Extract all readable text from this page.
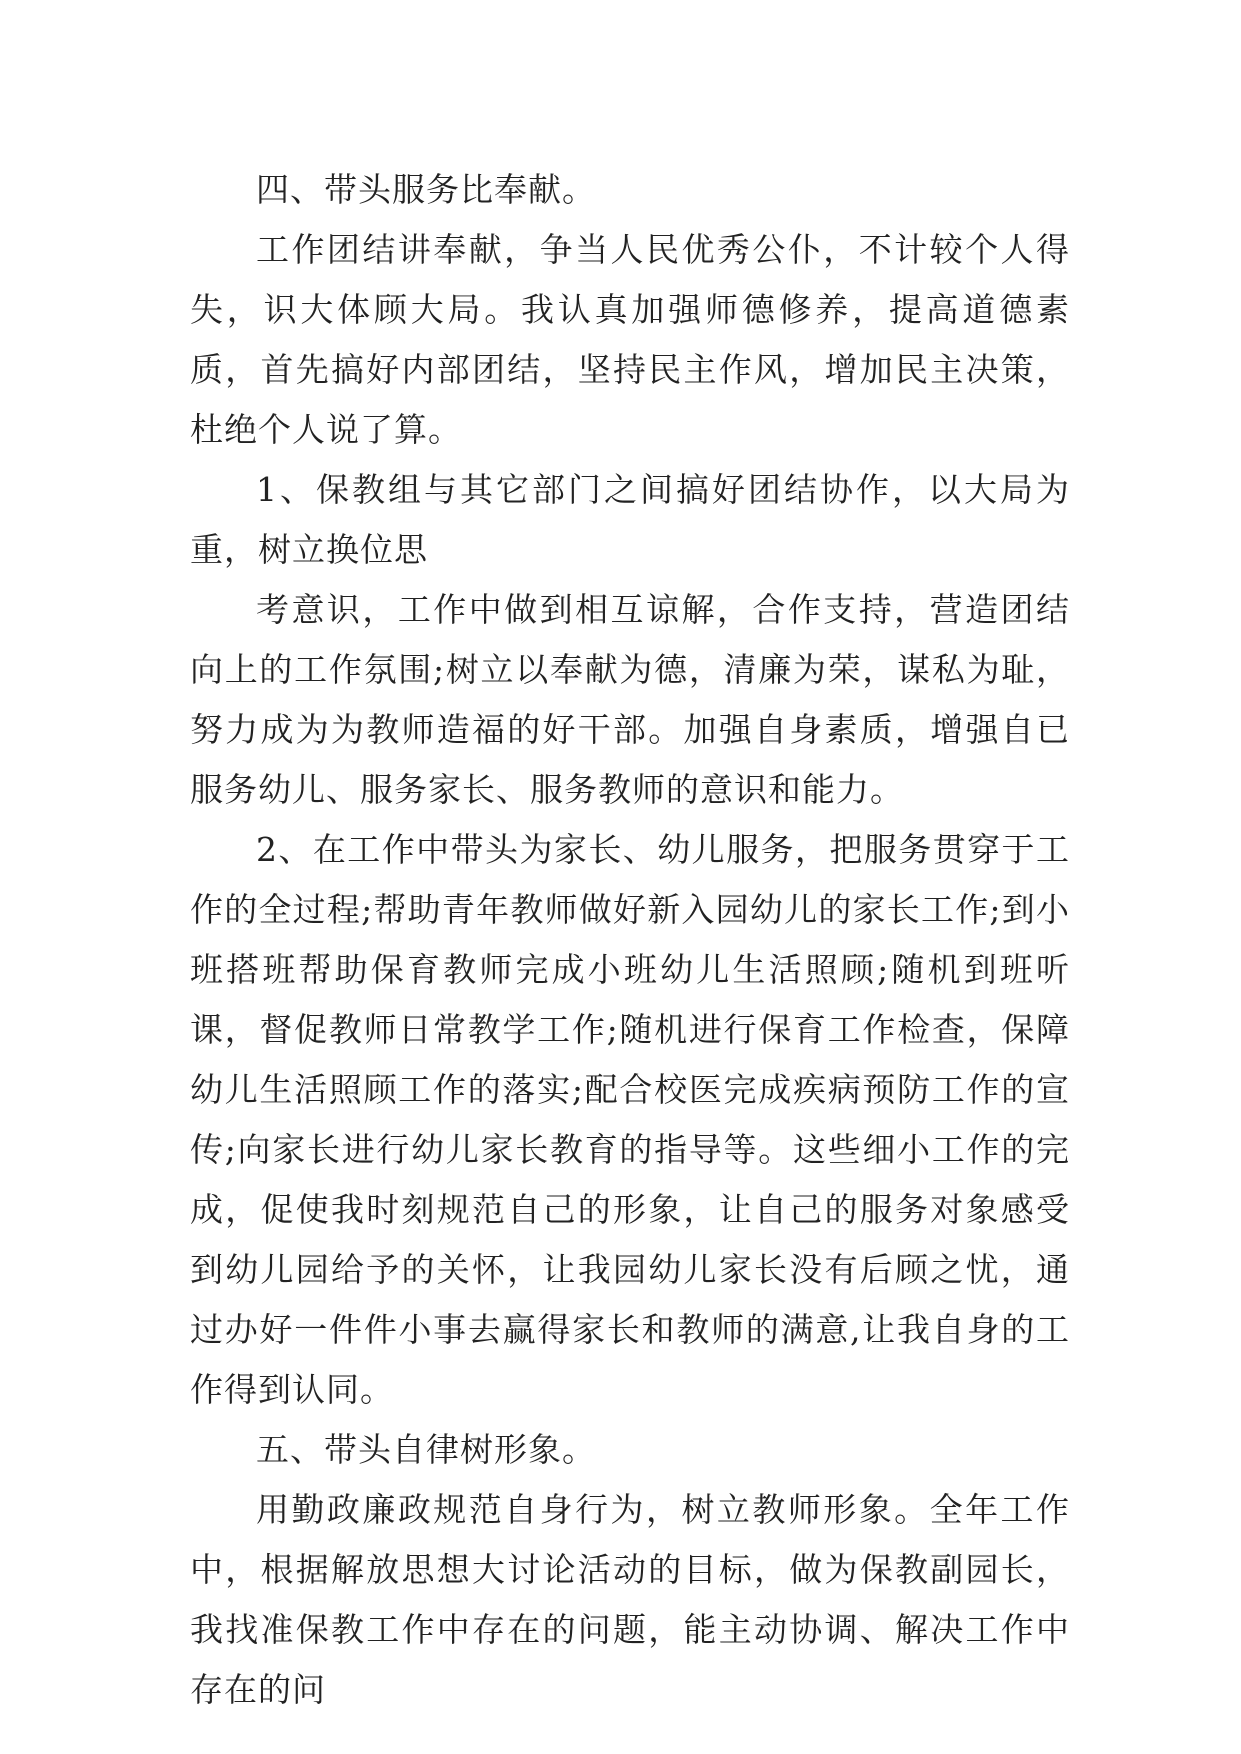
四、带头服务比奉献。

工作团结讲奉献，争当人民优秀公仆，不计较个人得失，识大体顾大局。我认真加强师德修养，提高道德素质，首先搞好内部团结，坚持民主作风，增加民主决策，杜绝个人说了算。

1、保教组与其它部门之间搞好团结协作，以大局为重，树立换位思

考意识，工作中做到相互谅解，合作支持，营造团结向上的工作氛围;树立以奉献为德，清廉为荣，谋私为耻，努力成为为教师造福的好干部。加强自身素质，增强自已服务幼儿、服务家长、服务教师的意识和能力。

2、在工作中带头为家长、幼儿服务，把服务贯穿于工作的全过程;帮助青年教师做好新入园幼儿的家长工作;到小班搭班帮助保育教师完成小班幼儿生活照顾;随机到班听课，督促教师日常教学工作;随机进行保育工作检查，保障幼儿生活照顾工作的落实;配合校医完成疾病预防工作的宣传;向家长进行幼儿家长教育的指导等。这些细小工作的完成，促使我时刻规范自己的形象，让自己的服务对象感受到幼儿园给予的关怀，让我园幼儿家长没有后顾之忧，通过办好一件件小事去赢得家长和教师的满意,让我自身的工作得到认同。

五、带头自律树形象。

用勤政廉政规范自身行为，树立教师形象。全年工作中，根据解放思想大讨论活动的目标，做为保教副园长，我找准保教工作中存在的问题，能主动协调、解决工作中存在的问
